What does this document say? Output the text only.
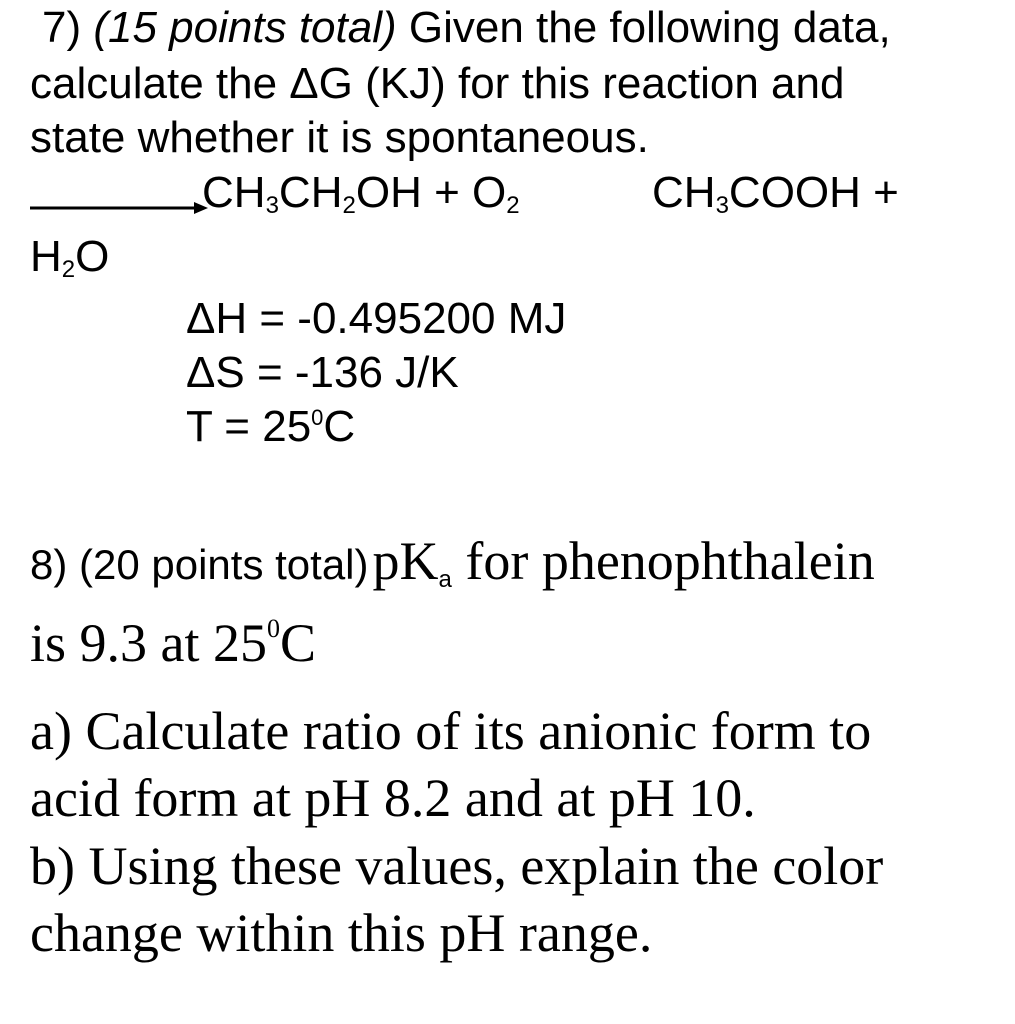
7) (15 points total) Given the following data,
calculate the ΔG (KJ) for this reaction and
state whether it is spontaneous.
$CH_3CH_2OH + O_2$	$CH_3COOH$ +
$H_2O$
ΔH = -0.495200 MJ
ΔS = -136 J/K
$T = 25^0C$
8) (20 points total) $pK_a$ for phenophthalein
is 9.3 at $25^0C$
a) Calculate ratio of its anionic form to
acid form at pH 8.2 and at pH 10.
b) Using these values, explain the color
change within this pH range.
